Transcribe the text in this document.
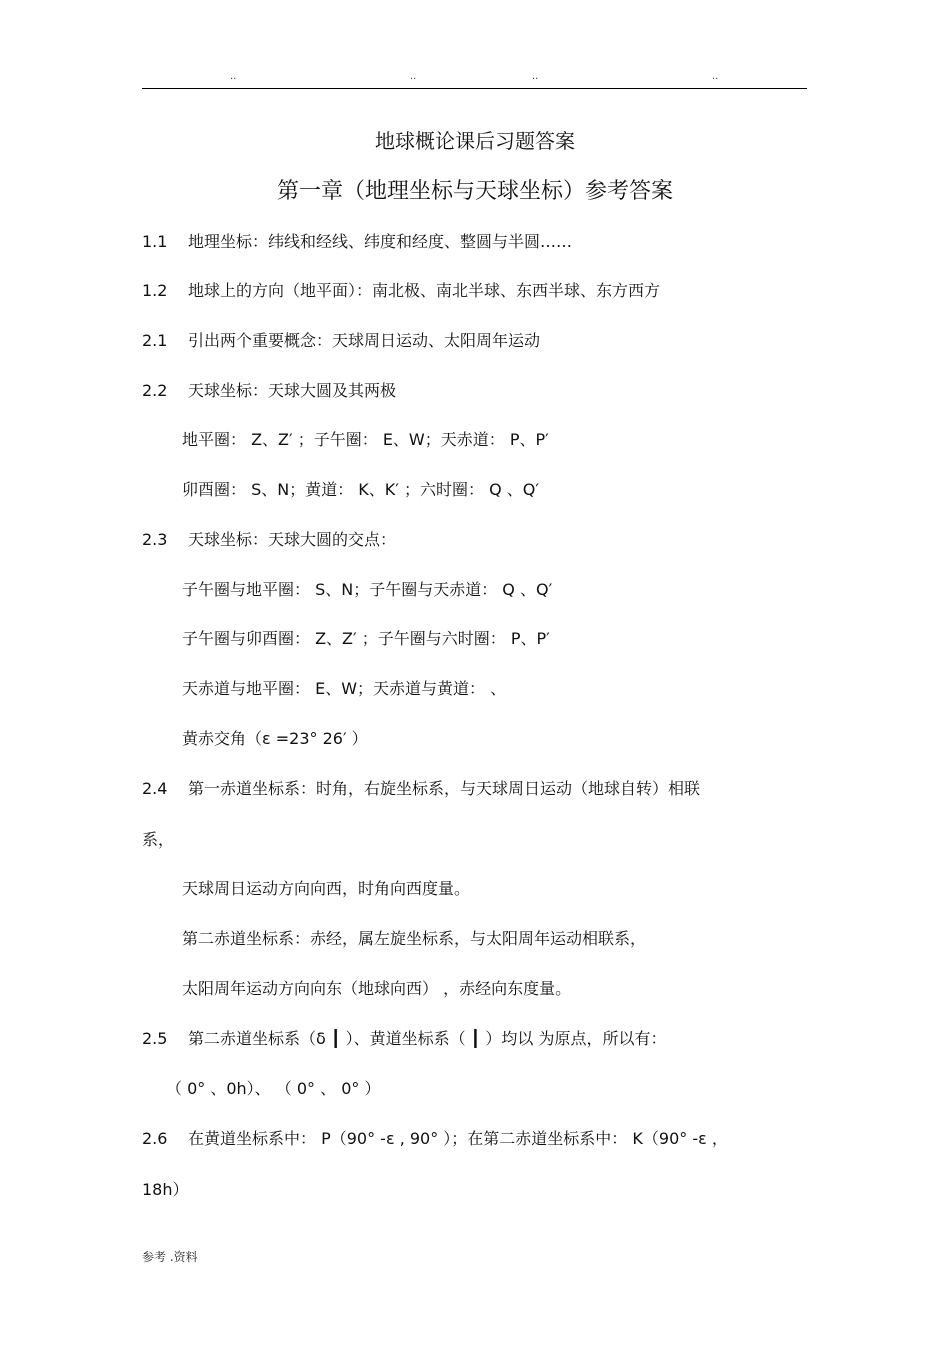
..	..	..	..
地球概论课后习题答案
第一章（地理坐标与天球坐标）参考答案
1.1 地理坐标：纬线和经线、纬度和经度、整圆与半圆……
1.2 地球上的方向（地平面）：南北极、南北半球、东西半球、东方西方
2.1 引出两个重要概念：天球周日运动、太阳周年运动
2.2 天球坐标：天球大圆及其两极
地平圈： Z、Z′ ；子午圈： E、W；天赤道： P、P′
卯酉圈： S、N；黄道： K、K′ ；六时圈： Q 、Q′
2.3 天球坐标：天球大圆的交点：
子午圈与地平圈： S、N；子午圈与天赤道： Q 、Q′
子午圈与卯酉圈： Z、Z′ ；子午圈与六时圈： P、P′
天赤道与地平圈： E、W；天赤道与黄道： 、
黄赤交角（ε =23° 26′ ）
2.4 第一赤道坐标系：时角，右旋坐标系，与天球周日运动（地球自转）相联
系，
天球周日运动方向向西，时角向西度量。
第二赤道坐标系：赤经，属左旋坐标系，与太阳周年运动相联系，
太阳周年运动方向向东（地球向西） ，赤经向东度量。
2.5 第二赤道坐标系（δ ┃ ）、黄道坐标系（ ┃ ）均以 为原点，所以有：
（ 0° 、0h）、 （ 0° 、 0° ）
2.6 在黄道坐标系中： P（90° -ε , 90° ）；在第二赤道坐标系中： K（90° -ε ，
18h）
参考 .资料
